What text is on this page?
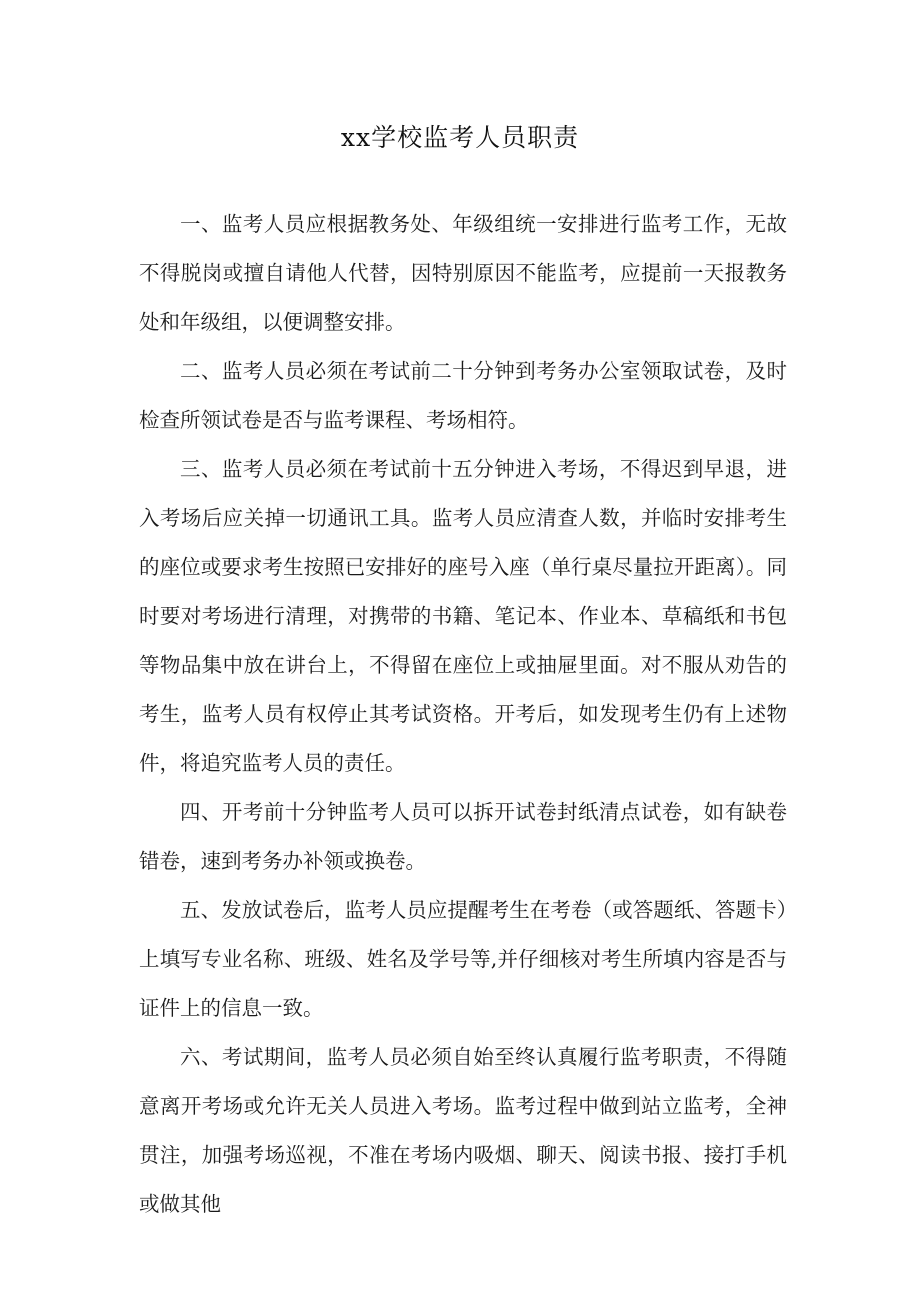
xx学校监考人员职责

一、监考人员应根据教务处、年级组统一安排进行监考工作，无故不得脱岗或擅自请他人代替，因特别原因不能监考，应提前一天报教务处和年级组，以便调整安排。

二、监考人员必须在考试前二十分钟到考务办公室领取试卷，及时检查所领试卷是否与监考课程、考场相符。

三、监考人员必须在考试前十五分钟进入考场，不得迟到早退，进入考场后应关掉一切通讯工具。监考人员应清查人数，并临时安排考生的座位或要求考生按照已安排好的座号入座（单行桌尽量拉开距离）。同时要对考场进行清理，对携带的书籍、笔记本、作业本、草稿纸和书包等物品集中放在讲台上，不得留在座位上或抽屉里面。对不服从劝告的考生，监考人员有权停止其考试资格。开考后，如发现考生仍有上述物件，将追究监考人员的责任。

四、开考前十分钟监考人员可以拆开试卷封纸清点试卷，如有缺卷错卷，速到考务办补领或换卷。

五、发放试卷后，监考人员应提醒考生在考卷（或答题纸、答题卡）上填写专业名称、班级、姓名及学号等,并仔细核对考生所填内容是否与证件上的信息一致。

六、考试期间，监考人员必须自始至终认真履行监考职责，不得随意离开考场或允许无关人员进入考场。监考过程中做到站立监考，全神贯注，加强考场巡视，不准在考场内吸烟、聊天、阅读书报、接打手机或做其他
